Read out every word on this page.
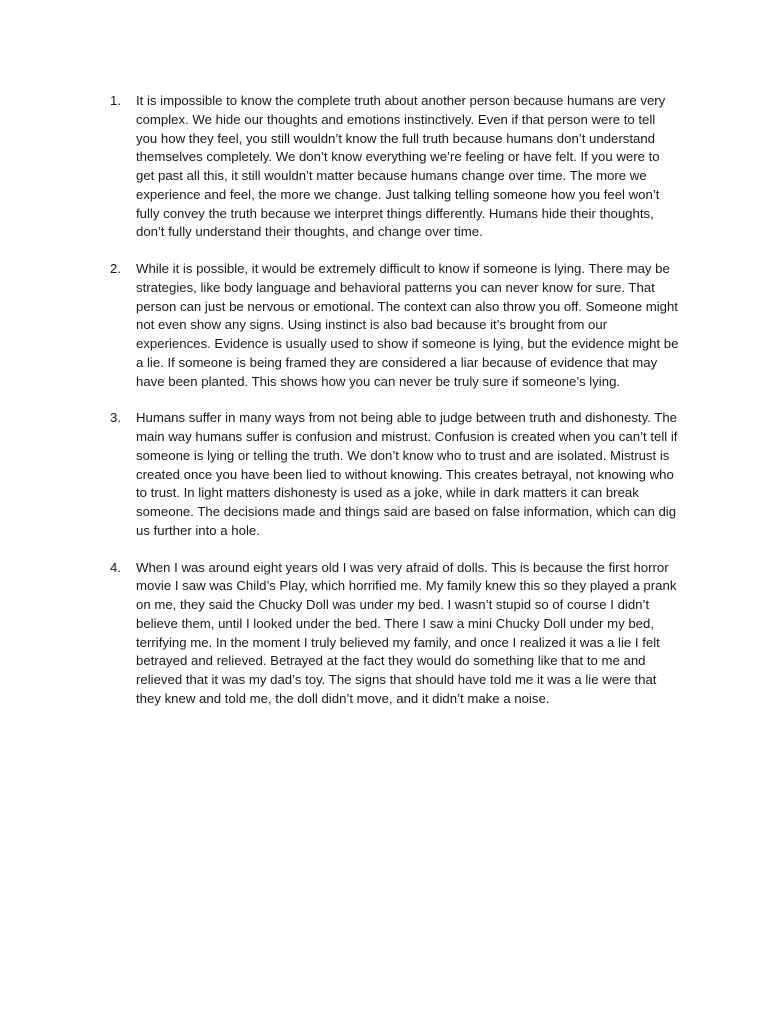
1.	It is impossible to know the complete truth about another person because humans are very complex. We hide our thoughts and emotions instinctively. Even if that person were to tell you how they feel, you still wouldn’t know the full truth because humans don’t understand themselves completely. We don’t know everything we’re feeling or have felt. If you were to get past all this, it still wouldn’t matter because humans change over time. The more we experience and feel, the more we change. Just talking telling someone how you feel won’t fully convey the truth because we interpret things differently. Humans hide their thoughts, don’t fully understand their thoughts, and change over time.

2.	While it is possible, it would be extremely difficult to know if someone is lying. There may be strategies, like body language and behavioral patterns you can never know for sure. That person can just be nervous or emotional. The context can also throw you off. Someone might not even show any signs. Using instinct is also bad because it’s brought from our experiences. Evidence is usually used to show if someone is lying, but the evidence might be a lie. If someone is being framed they are considered a liar because of evidence that may have been planted. This shows how you can never be truly sure if someone’s lying.

3.	Humans suffer in many ways from not being able to judge between truth and dishonesty. The main way humans suffer is confusion and mistrust. Confusion is created when you can’t tell if someone is lying or telling the truth. We don’t know who to trust and are isolated. Mistrust is created once you have been lied to without knowing. This creates betrayal, not knowing who to trust. In light matters dishonesty is used as a joke, while in dark matters it can break someone. The decisions made and things said are based on false information, which can dig us further into a hole.

4.	When I was around eight years old I was very afraid of dolls. This is because the first horror movie I saw was Child’s Play, which horrified me. My family knew this so they played a prank on me, they said the Chucky Doll was under my bed. I wasn’t stupid so of course I didn’t believe them, until I looked under the bed. There I saw a mini Chucky Doll under my bed, terrifying me. In the moment I truly believed my family, and once I realized it was a lie I felt betrayed and relieved. Betrayed at the fact they would do something like that to me and relieved that it was my dad’s toy. The signs that should have told me it was a lie were that they knew and told me, the doll didn’t move, and it didn’t make a noise.
